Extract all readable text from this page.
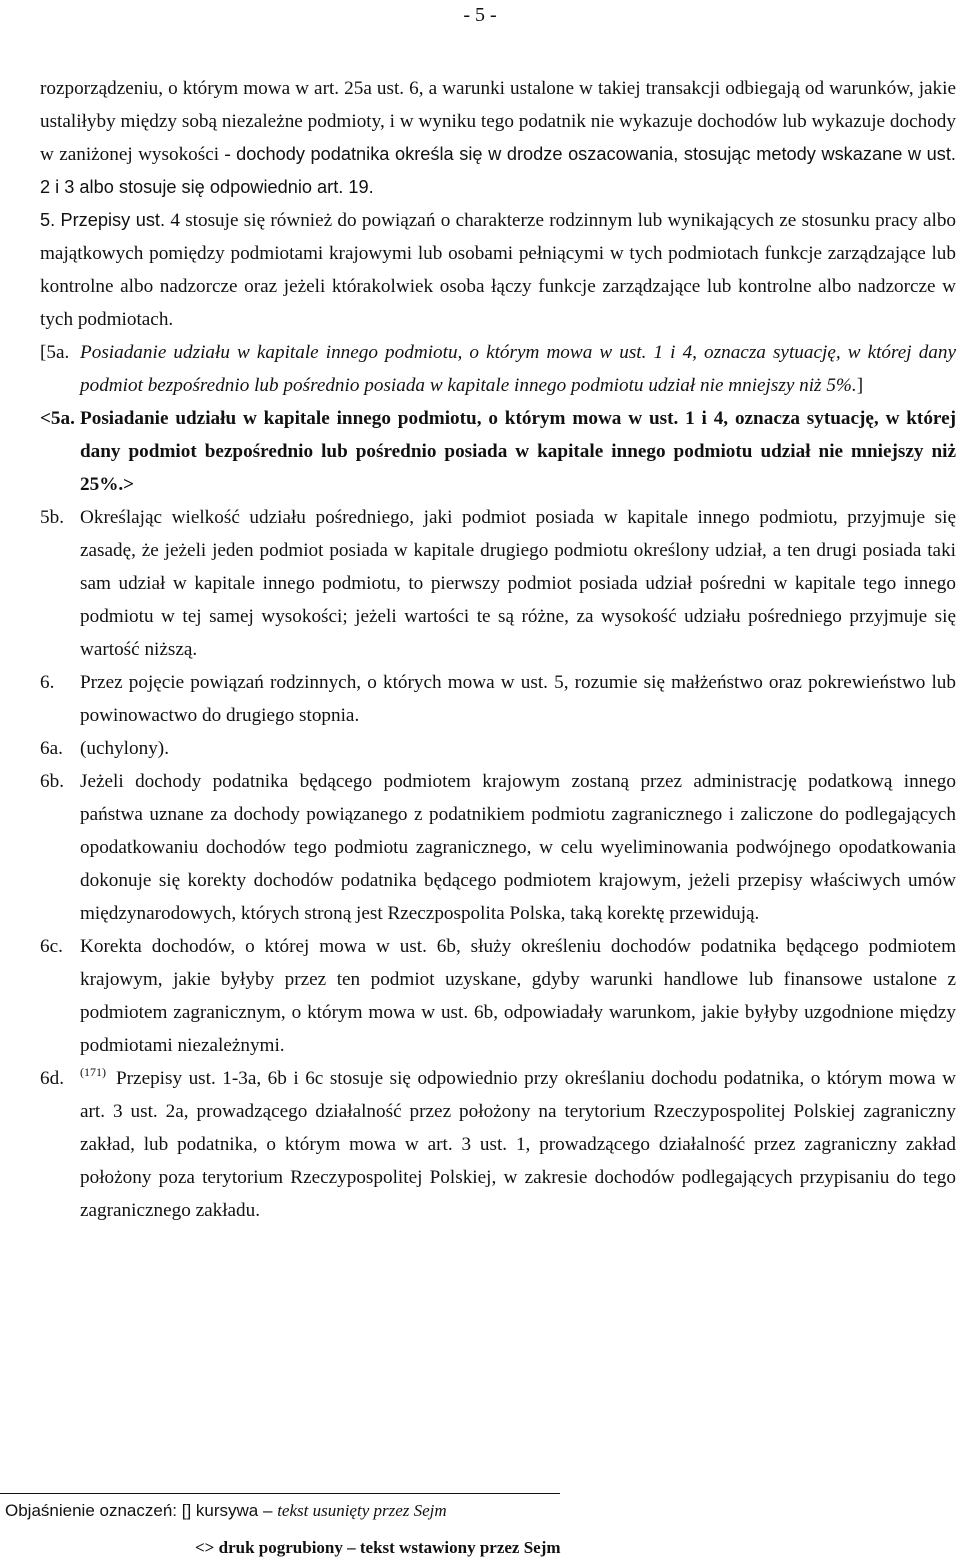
- 5 -

rozporządzeniu, o którym mowa w art. 25a ust. 6, a warunki ustalone w takiej transakcji odbiegają od warunków, jakie ustaliłyby między sobą niezależne podmioty, i w wyniku tego podatnik nie wykazuje dochodów lub wykazuje dochody w zaniżonej wysokości - dochody podatnika określa się w drodze oszacowania, stosując metody wskazane w ust. 2 i 3 albo stosuje się odpowiednio art. 19.

5. Przepisy ust. 4 stosuje się również do powiązań o charakterze rodzinnym lub wynikających ze stosunku pracy albo majątkowych pomiędzy podmiotami krajowymi lub osobami pełniącymi w tych podmiotach funkcje zarządzające lub kontrolne albo nadzorcze oraz jeżeli którakolwiek osoba łączy funkcje zarządzające lub kontrolne albo nadzorcze w tych podmiotach.

[5a. Posiadanie udziału w kapitale innego podmiotu, o którym mowa w ust. 1 i 4, oznacza sytuację, w której dany podmiot bezpośrednio lub pośrednio posiada w kapitale innego podmiotu udział nie mniejszy niż 5%.]
<5a. Posiadanie udziału w kapitale innego podmiotu, o którym mowa w ust. 1 i 4, oznacza sytuację, w której dany podmiot bezpośrednio lub pośrednio posiada w kapitale innego podmiotu udział nie mniejszy niż 25%.>
5b. Określając wielkość udziału pośredniego, jaki podmiot posiada w kapitale innego podmiotu, przyjmuje się zasadę, że jeżeli jeden podmiot posiada w kapitale drugiego podmiotu określony udział, a ten drugi posiada taki sam udział w kapitale innego podmiotu, to pierwszy podmiot posiada udział pośredni w kapitale tego innego podmiotu w tej samej wysokości; jeżeli wartości te są różne, za wysokość udziału pośredniego przyjmuje się wartość niższą.
6.	Przez pojęcie powiązań rodzinnych, o których mowa w ust. 5, rozumie się małżeństwo oraz pokrewieństwo lub powinowactwo do drugiego stopnia.
6a. (uchylony).
6b. Jeżeli dochody podatnika będącego podmiotem krajowym zostaną przez administrację podatkową innego państwa uznane za dochody powiązanego z podatnikiem podmiotu zagranicznego i zaliczone do podlegających opodatkowaniu dochodów tego podmiotu zagranicznego, w celu wyeliminowania podwójnego opodatkowania dokonuje się korekty dochodów podatnika będącego podmiotem krajowym, jeżeli przepisy właściwych umów międzynarodowych, których stroną jest Rzeczpospolita Polska, taką korektę przewidują.
6c. Korekta dochodów, o której mowa w ust. 6b, służy określeniu dochodów podatnika będącego podmiotem krajowym, jakie byłyby przez ten podmiot uzyskane, gdyby warunki handlowe lub finansowe ustalone z podmiotem zagranicznym, o którym mowa w ust. 6b, odpowiadały warunkom, jakie byłyby uzgodnione między podmiotami niezależnymi.
6d.	$^{(171)}$ Przepisy ust. 1-3a, 6b i 6c stosuje się odpowiednio przy określaniu dochodu podatnika, o którym mowa w art. 3 ust. 2a, prowadzącego działalność przez położony na terytorium Rzeczypospolitej Polskiej zagraniczny zakład, lub podatnika, o którym mowa w art. 3 ust. 1, prowadzącego działalność przez zagraniczny zakład położony poza terytorium Rzeczypospolitej Polskiej, w zakresie dochodów podlegających przypisaniu do tego zagranicznego zakładu.
Objaśnienie oznaczeń: [] kursywa – tekst usunięty przez Sejm
<> druk pogrubiony – tekst wstawiony przez Sejm
